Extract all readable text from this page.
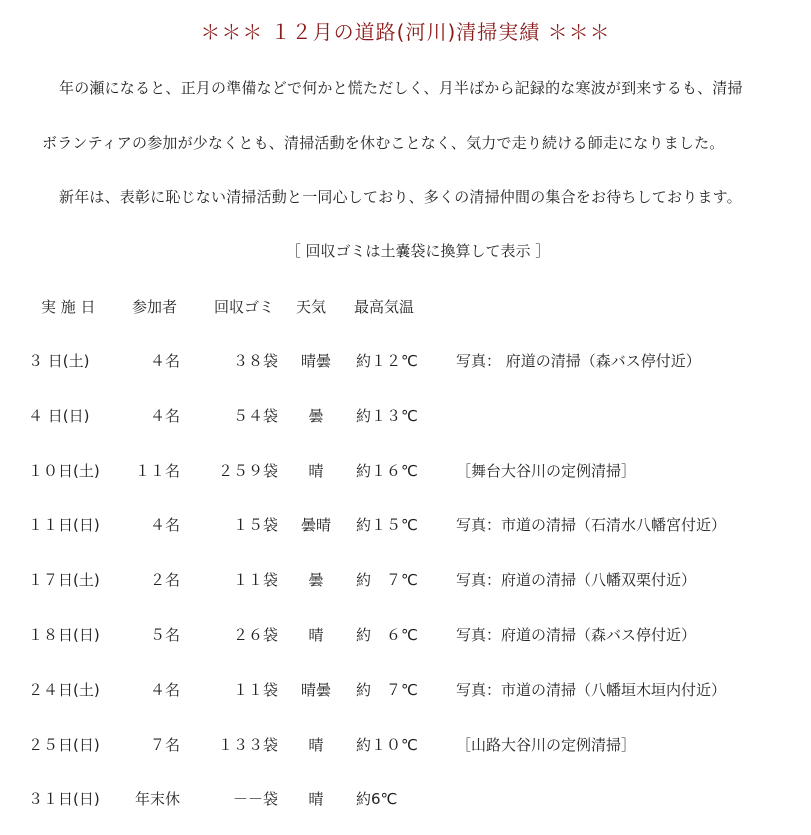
＊＊＊ １２月の道路(河川)清掃実績 ＊＊＊
年の瀬になると、正月の準備などで何かと慌ただしく、月半ばから記録的な寒波が到来するも、清掃
ボランティアの参加が少なくとも、清掃活動を休むことなく、気力で走り続ける師走になりました。
新年は、表彰に恥じない清掃活動と一同心しており、多くの清掃仲間の集合をお待ちしております。
［ 回収ゴミは土嚢袋に換算して表示 ］
実 施 日 参加者 回収ゴミ 天気 最高気温
３ 日(土)	４名	３８袋	晴曇	約１２℃	写真： 府道の清掃（森バス停付近）
４ 日(日)	４名	５４袋	曇	約１３℃
１０日(土) １１名	２５９袋	晴	約１６℃	［舞台大谷川の定例清掃］
１１日(日)	４名	１５袋	曇晴	約１５℃	写真：市道の清掃（石清水八幡宮付近）
１７日(土)	２名	１１袋	曇	約　７℃	写真：府道の清掃（八幡双栗付近）
１８日(日)	５名	２６袋	晴	約　６℃	写真：府道の清掃（森バス停付近）
２４日(土)	４名	１１袋	晴曇	約　７℃	写真：市道の清掃（八幡垣木垣内付近）
２５日(日)	７名	１３３袋	晴	約１０℃	［山路大谷川の定例清掃］
３１日(日) 年末休	－－袋	晴	約6℃
